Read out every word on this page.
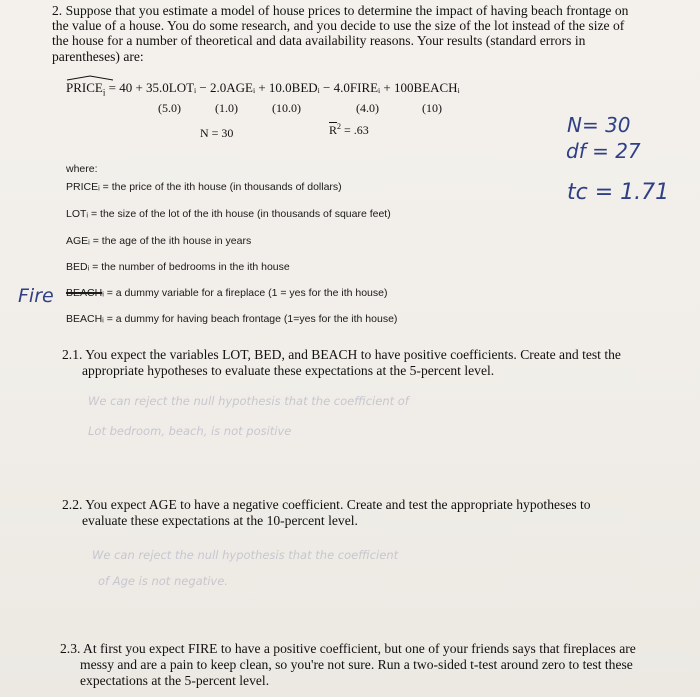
2. Suppose that you estimate a model of house prices to determine the impact of having beach frontage on

the value of a house. You do some research, and you decide to use the size of the lot instead of the size of

the house for a number of theoretical and data availability reasons. Your results (standard errors in

parentheses) are:

$PRICE_i = 40$ + 35.0LOTᵢ − 2.0AGEᵢ + 10.0BEDᵢ − 4.0FIREᵢ + 100BEACHᵢ
(5.0)	(1.0)	(10.0)	(4.0)	(10)
N = 30	$\overline{R}^2 = .63$	N= 30
df = 27
tc = 1.71
where:
PRICEᵢ = the price of the ith house (in thousands of dollars)
LOTᵢ = the size of the lot of the ith house (in thousands of square feet)
AGEᵢ = the age of the ith house in years
BEDᵢ = the number of bedrooms in the ith house
BEACHᵢ = a dummy variable for a fireplace (1 = yes for the ith house)
BEACHᵢ = a dummy for having beach frontage (1=yes for the ith house)
Fire

2.1. You expect the variables LOT, BED, and BEACH to have positive coefficients. Create and test the

appropriate hypotheses to evaluate these expectations at the 5-percent level.

We can reject the null hypothesis that the coefficient of
Lot bedroom, beach, is not positive

2.2. You expect AGE to have a negative coefficient. Create and test the appropriate hypotheses to

evaluate these expectations at the 10-percent level.

We can reject the null hypothesis that the coefficient
of Age is not negative.

2.3. At first you expect FIRE to have a positive coefficient, but one of your friends says that fireplaces are

messy and are a pain to keep clean, so you're not sure. Run a two-sided t-test around zero to test these

expectations at the 5-percent level.
